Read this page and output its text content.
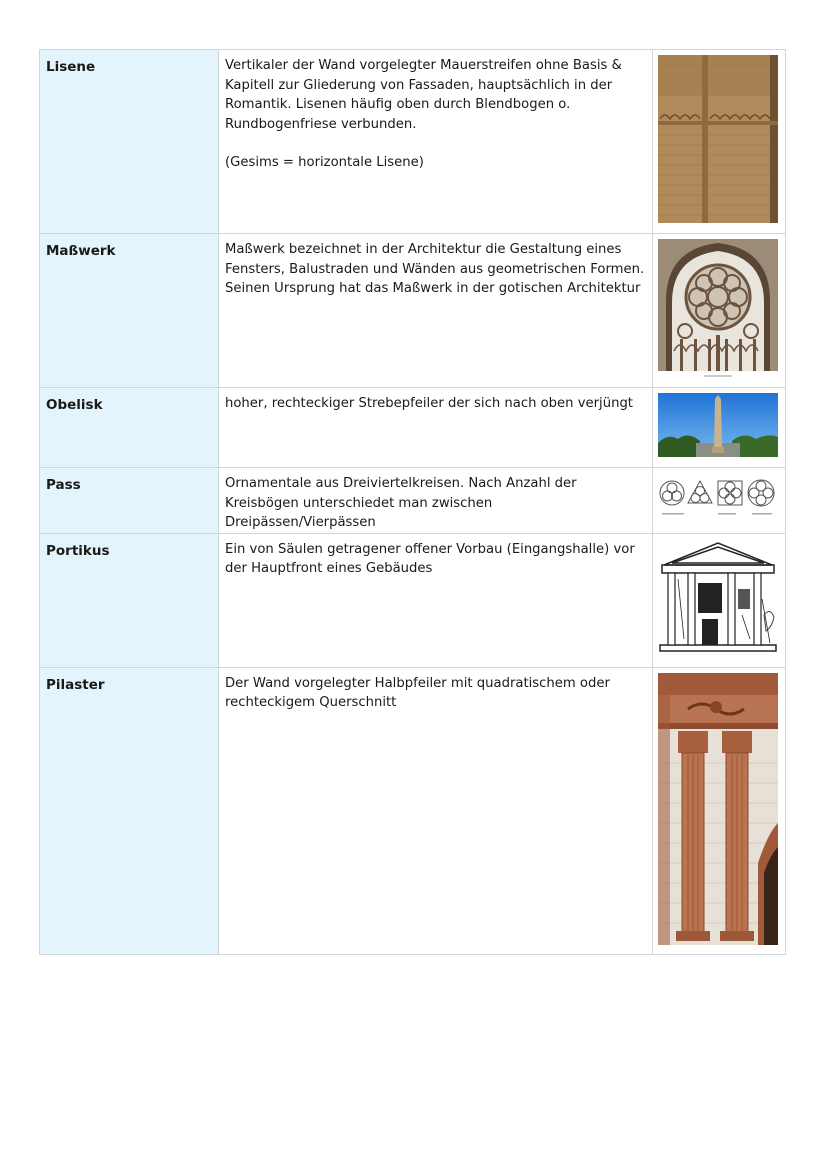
Lisene	Vertikaler der Wand vorgelegter Mauerstreifen ohne Basis & Kapitell zur Gliederung von Fassaden, hauptsächlich in der Romantik. Lisenen häufig oben durch Blendbogen o. Rundbogenfriese verbunden.
(Gesims = horizontale Lisene)

Maßwerk	Maßwerk bezeichnet in der Architektur die Gestaltung eines Fensters, Balustraden und Wänden aus geometrischen Formen. Seinen Ursprung hat das Maßwerk in der gotischen Architektur

Obelisk	hoher, rechteckiger Strebepfeiler der sich nach oben verjüngt

Pass	Ornamentale aus Dreiviertelkreisen. Nach Anzahl der Kreisbögen unterschiedet man zwischen Dreipässen/Vierpässen

Portikus	Ein von Säulen getragener offener Vorbau (Eingangshalle) vor der Hauptfront eines Gebäudes

Pilaster	Der Wand vorgelegter Halbpfeiler mit quadratischem oder rechteckigem Querschnitt
